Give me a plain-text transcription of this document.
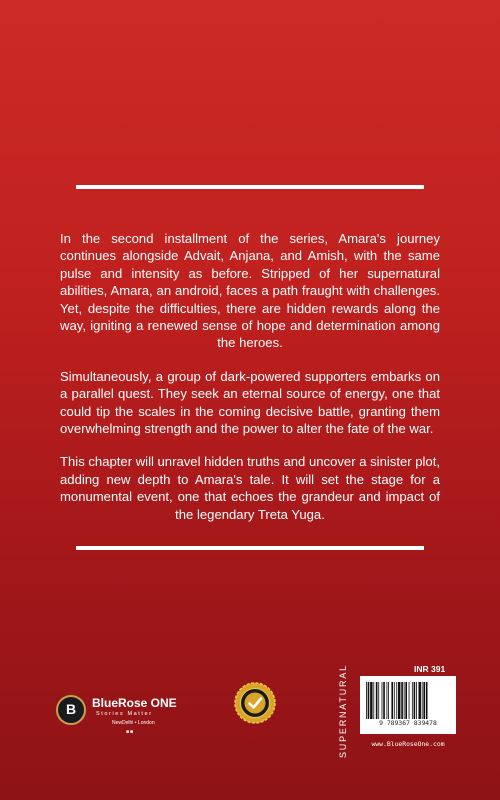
In the second installment of the series, Amara's journey continues alongside Advait, Anjana, and Amish, with the same pulse and intensity as before. Stripped of her supernatural abilities, Amara, an android, faces a path fraught with challenges. Yet, despite the difficulties, there are hidden rewards along the way, igniting a renewed sense of hope and determination among the heroes.

Simultaneously, a group of dark-powered supporters embarks on a parallel quest. They seek an eternal source of energy, one that could tip the scales in the coming decisive battle, granting them overwhelming strength and the power to alter the fate of the war.

This chapter will unravel hidden truths and uncover a sinister plot, adding new depth to Amara's tale. It will set the stage for a monumental event, one that echoes the grandeur and impact of the legendary Treta Yuga.

B	BlueRose ONE
Stories Matter
NewDelhi • London
■■	SUPERNATURAL	INR 391
9 789367 839478
www.BlueRoseOne.com
